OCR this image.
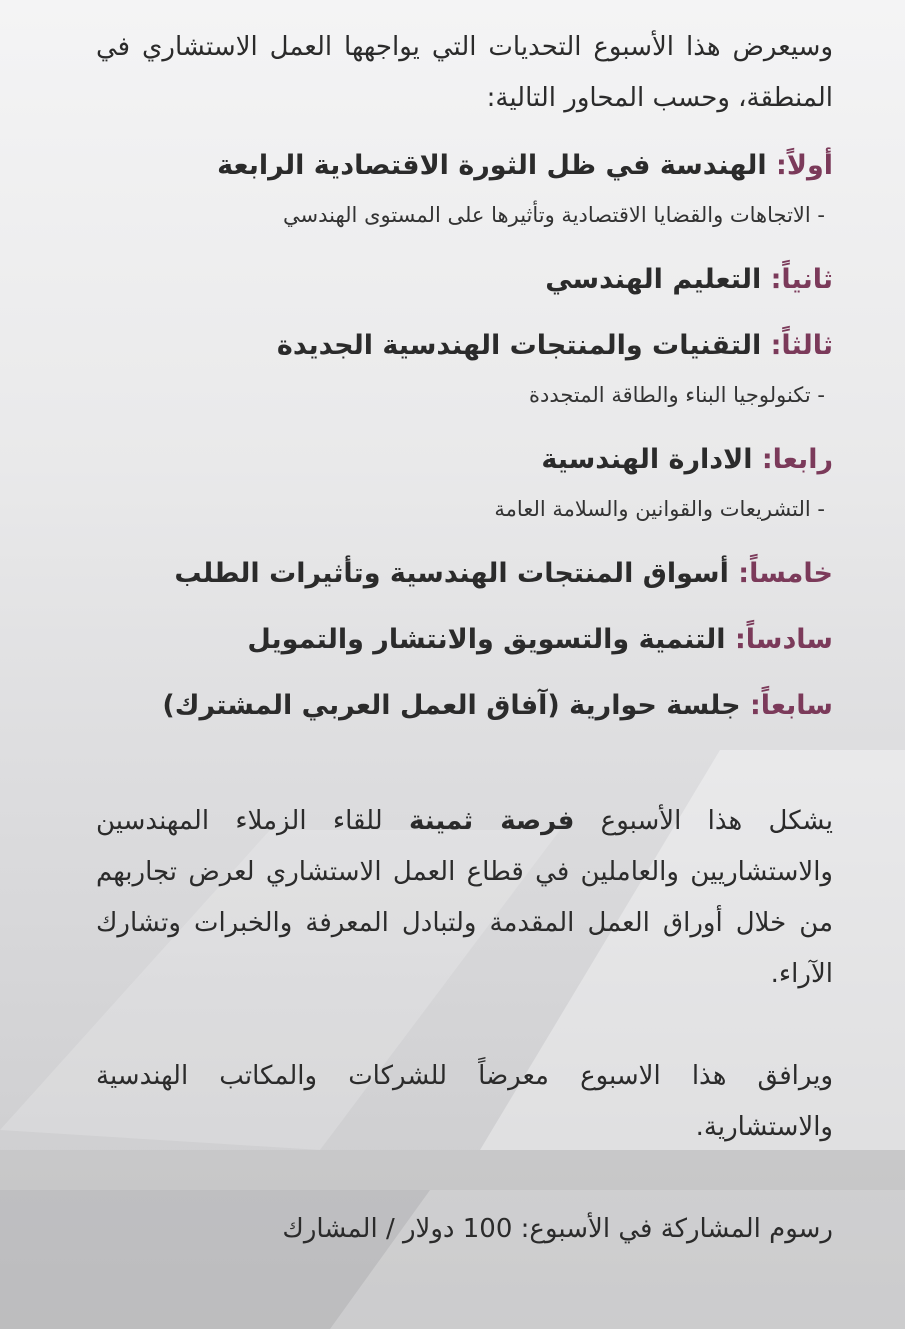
وسيعرض هذا الأسبوع التحديات التي يواجهها العمل الاستشاري في المنطقة، وحسب المحاور التالية:

أولاً: الهندسة في ظل الثورة الاقتصادية الرابعة

- الاتجاهات والقضايا الاقتصادية وتأثيرها على المستوى الهندسي

ثانياً: التعليم الهندسي

ثالثاً: التقنيات والمنتجات الهندسية الجديدة

- تكنولوجيا البناء والطاقة المتجددة

رابعا: الادارة الهندسية

- التشريعات والقوانين والسلامة العامة

خامساً: أسواق المنتجات الهندسية وتأثيرات الطلب

سادساً: التنمية والتسويق والانتشار والتمويل

سابعاً: جلسة حوارية (آفاق العمل العربي المشترك)

يشكل هذا الأسبوع فرصة ثمينة للقاء الزملاء المهندسين والاستشاريين والعاملين في قطاع العمل الاستشاري لعرض تجاربهم من خلال أوراق العمل المقدمة ولتبادل المعرفة والخبرات وتشارك الآراء.

ويرافق هذا الاسبوع معرضاً للشركات والمكاتب الهندسية والاستشارية.

رسوم المشاركة في الأسبوع: 100 دولار / المشارك
